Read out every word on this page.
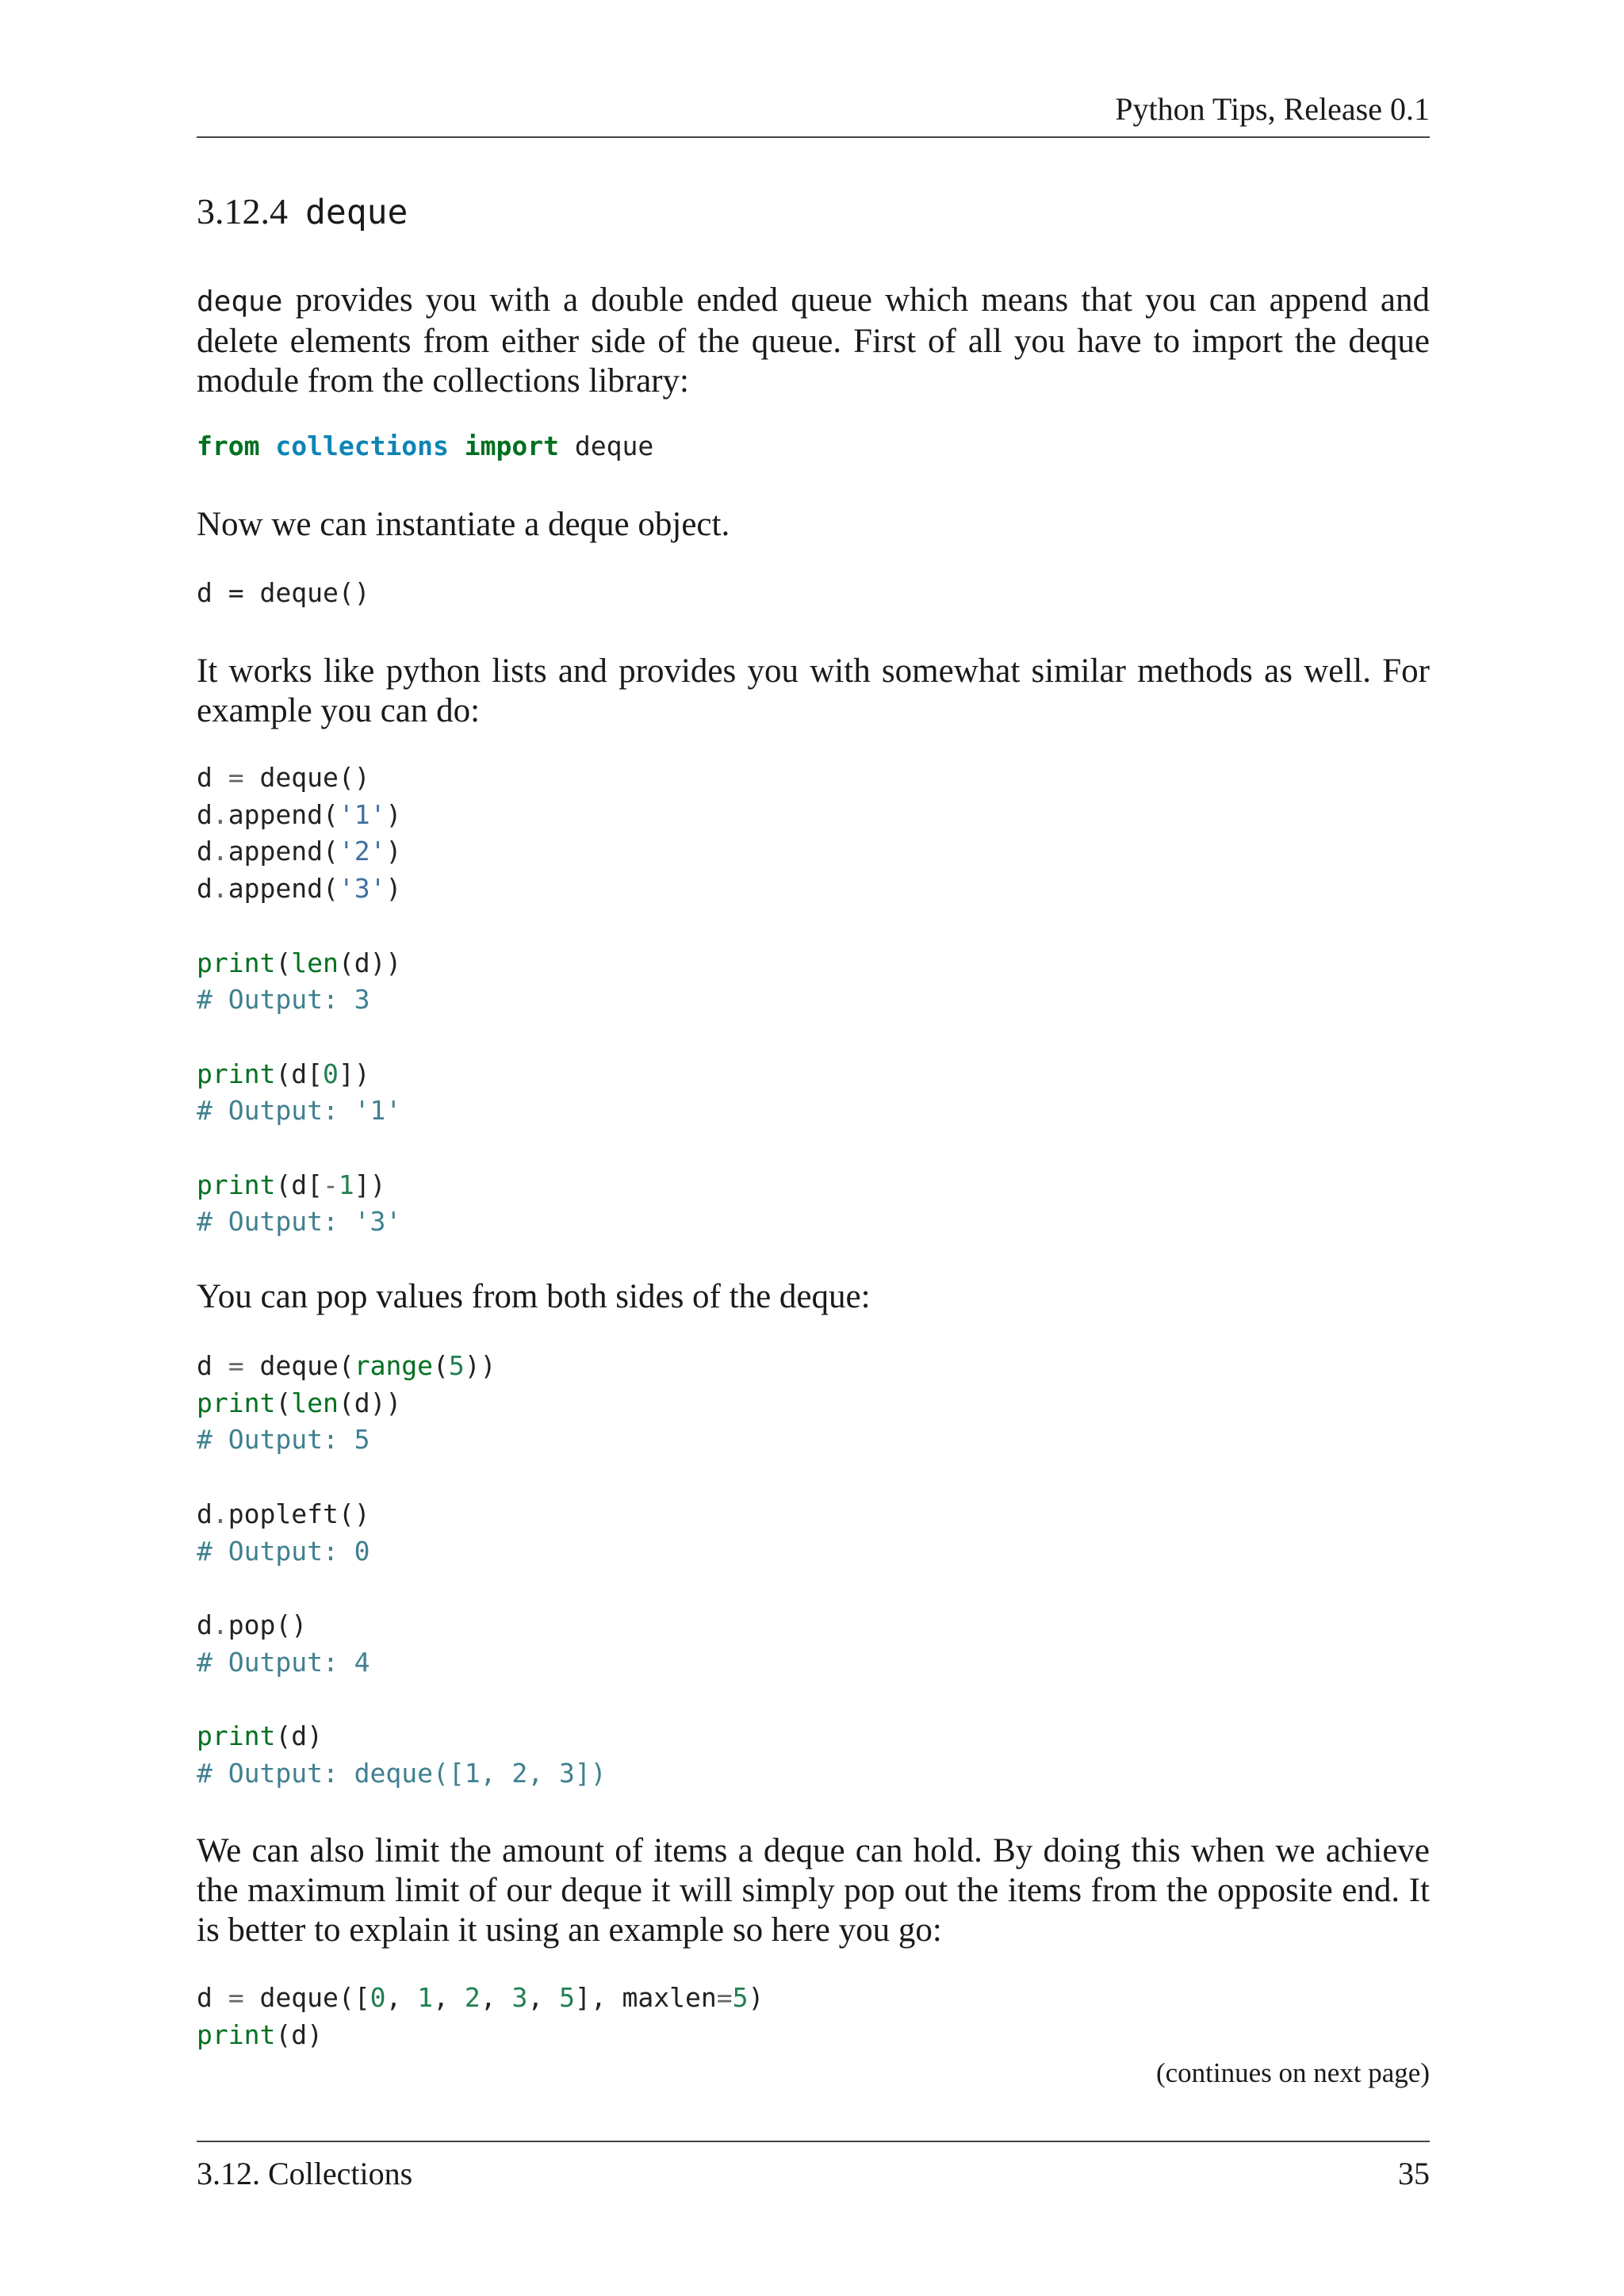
Python Tips, Release 0.1
3.12.4 deque

deque provides you with a double ended queue which means that you can append and delete elements from either side of the queue. First of all you have to import the deque module from the collections library:

from collections import deque

Now we can instantiate a deque object.

d = deque()

It works like python lists and provides you with somewhat similar methods as well. For example you can do:

d = deque()
d.append('1')
d.append('2')
d.append('3')

print(len(d))
# Output: 3

print(d[0])
# Output: '1'

print(d[-1])
# Output: '3'

You can pop values from both sides of the deque:

d = deque(range(5))
print(len(d))
# Output: 5

d.popleft()
# Output: 0

d.pop()
# Output: 4

print(d)
# Output: deque([1, 2, 3])

We can also limit the amount of items a deque can hold. By doing this when we achieve the maximum limit of our deque it will simply pop out the items from the opposite end. It is better to explain it using an example so here you go:

d = deque([0, 1, 2, 3, 5], maxlen=5)
print(d)
(continues on next page)
3.12. Collections	35
